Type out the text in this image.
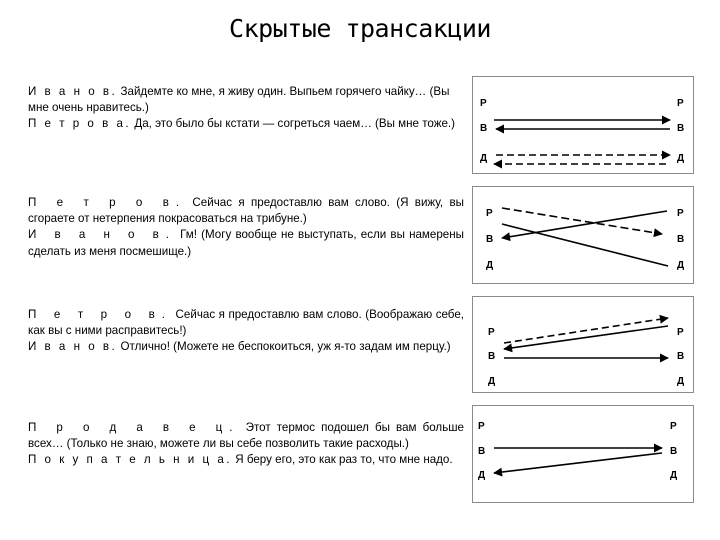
Скрытые трансакции

И в а н о в. Зайдемте ко мне, я живу один. Выпьем горячего чайку… (Вы мне очень нравитесь.)

П е т р о в а. Да, это было бы кстати — согреться чаем… (Вы мне тоже.)

П е т р о в. Сейчас я предоставлю вам слово. (Я вижу, вы сгораете от нетерпения покрасоваться на трибуне.)

И в а н о в. Гм! (Могу вообще не выступать, если вы намерены сделать из меня посмешище.)

П е т р о в. Сейчас я предоставлю вам слово. (Воображаю себе, как вы с ними расправитесь!)

И в а н о в. Отлично! (Можете не беспокоиться, уж я-то задам им перцу.)

П р о д а в е ц. Этот термос подошел бы вам больше всех… (Только не знаю, можете ли вы себе позволить такие расходы.)

П о к у п а т е л ь н и ц а. Я беру его, это как раз то, что мне надо.

Р
В
Д
Р
В
Д
Р
В
Д
Р
В
Д
Р
В
Д
Р
В
Д
Р
В
Д
Р
В
Д
